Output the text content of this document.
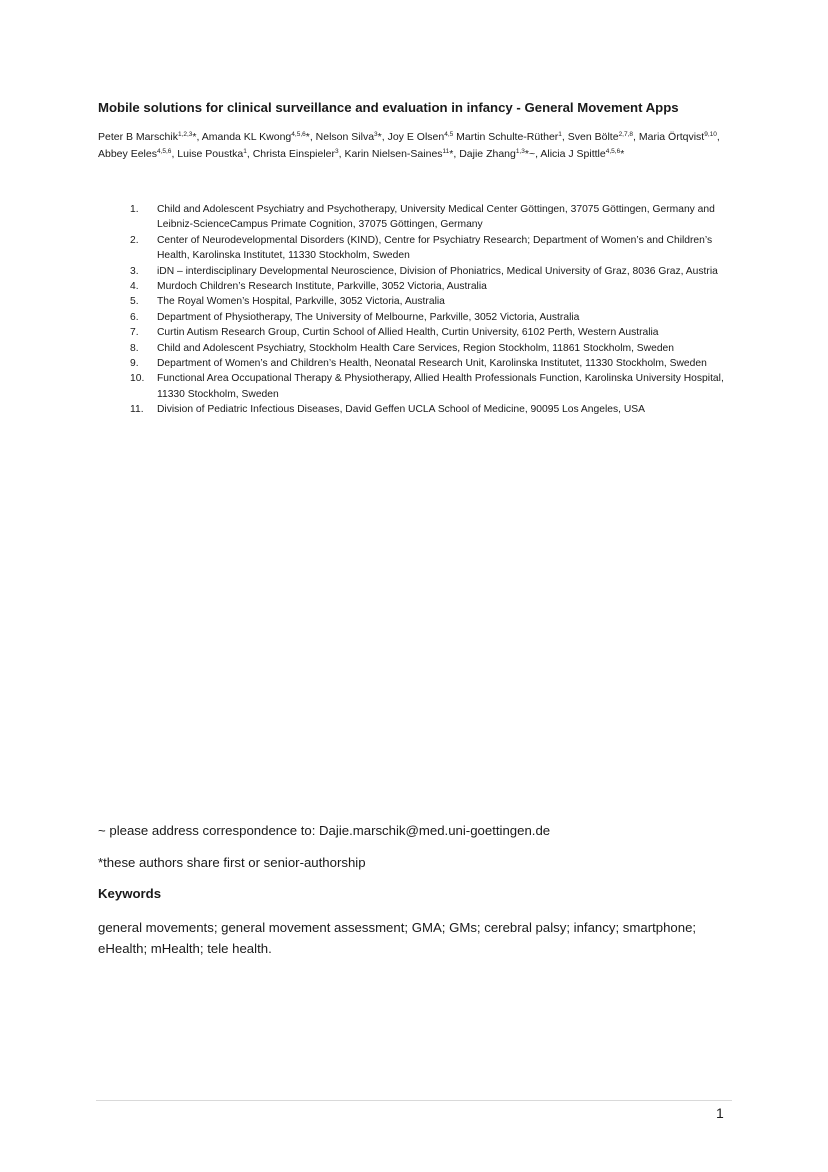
Mobile solutions for clinical surveillance and evaluation in infancy - General Movement Apps
Peter B Marschik$^{1,2,3}$*, Amanda KL Kwong$^{4,5,6}$*, Nelson Silva$^3$*, Joy E Olsen$^{4,5}$ Martin Schulte-Rüther$^1$, Sven Bölte$^{2,7,8}$, Maria Örtqvist$^{9,10}$, Abbey Eeles$^{4,5,6}$, Luise Poustka$^1$, Christa Einspieler$^3$, Karin Nielsen-Saines$^{11}$*, Dajie Zhang$^{1,3}$*~, Alicia J Spittle$^{4,5,6}$*
1.	Child and Adolescent Psychiatry and Psychotherapy, University Medical Center Göttingen, 37075 Göttingen, Germany and Leibniz-ScienceCampus Primate Cognition, 37075 Göttingen, Germany
2.	Center of Neurodevelopmental Disorders (KIND), Centre for Psychiatry Research; Department of Women’s and Children’s Health, Karolinska Institutet, 11330 Stockholm, Sweden
3.	iDN – interdisciplinary Developmental Neuroscience, Division of Phoniatrics, Medical University of Graz, 8036 Graz, Austria
4.	Murdoch Children’s Research Institute, Parkville, 3052 Victoria, Australia
5.	The Royal Women’s Hospital, Parkville, 3052 Victoria, Australia
6.	Department of Physiotherapy, The University of Melbourne, Parkville, 3052 Victoria, Australia
7.	Curtin Autism Research Group, Curtin School of Allied Health, Curtin University, 6102 Perth, Western Australia
8.	Child and Adolescent Psychiatry, Stockholm Health Care Services, Region Stockholm, 11861 Stockholm, Sweden
9.	Department of Women’s and Children’s Health, Neonatal Research Unit, Karolinska Institutet, 11330 Stockholm, Sweden
10.	Functional Area Occupational Therapy & Physiotherapy, Allied Health Professionals Function, Karolinska University Hospital, 11330 Stockholm, Sweden
11.	Division of Pediatric Infectious Diseases, David Geffen UCLA School of Medicine, 90095 Los Angeles, USA
~ please address correspondence to: Dajie.marschik@med.uni-goettingen.de
*these authors share first or senior-authorship
Keywords
general movements; general movement assessment; GMA; GMs; cerebral palsy; infancy; smartphone; eHealth; mHealth; tele health.
1
